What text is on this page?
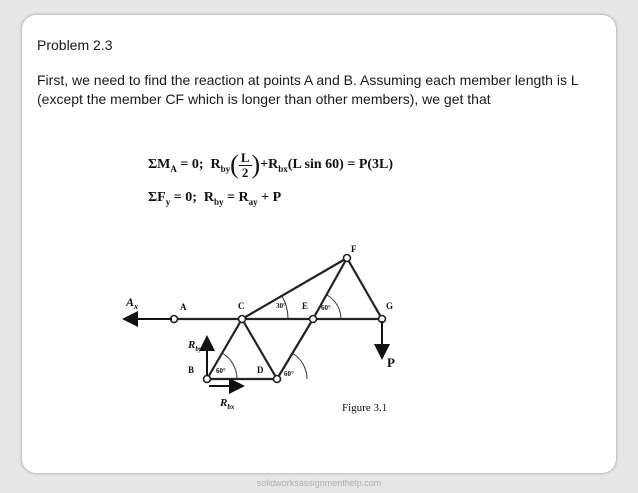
Problem 2.3
First, we need to find the reaction at points A and B. Assuming each member length is L (except the member CF which is longer than other members), we get that
$\Sigma M_A = 0$; $R_{by}( \frac{L}{2} )+R_{bx}(L$ sin 60) = P(3L)
$\Sigma F_y = 0$; $R_{by} = R_{ay} + P$
$A_x$	A	C	E	G
F
B	D	P
$R_{by}$
$R_{bx}$
30°	60°
60°	60°
Figure 3.1
solidworksassignmenthelp.com
